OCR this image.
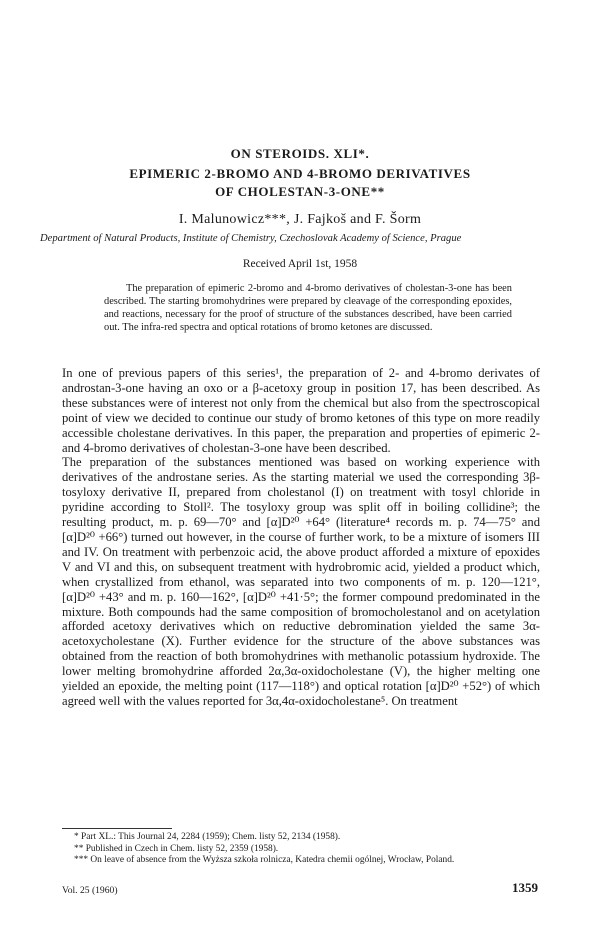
ON STEROIDS. XLI*.
EPIMERIC 2-BROMO AND 4-BROMO DERIVATIVES
OF CHOLESTAN-3-ONE**
I. Malunowicz***, J. Fajkoš and F. Šorm
Department of Natural Products, Institute of Chemistry, Czechoslovak Academy of Science, Prague
Received April 1st, 1958

The preparation of epimeric 2-bromo and 4-bromo derivatives of cholestan-3-one has been described. The starting bromohydrines were prepared by cleavage of the corresponding epoxides, and reactions, necessary for the proof of structure of the substances described, have been carried out. The infra-red spectra and optical rotations of bromo ketones are discussed.

In one of previous papers of this series¹, the preparation of 2- and 4-bromo derivates of androstan-3-one having an oxo or a β-acetoxy group in position 17, has been described. As these substances were of interest not only from the chemical but also from the spectroscopical point of view we decided to continue our study of bromo ketones of this type on more readily accessible cholestane derivatives. In this paper, the preparation and properties of epimeric 2- and 4-bromo derivatives of cholestan-3-one have been described.

The preparation of the substances mentioned was based on working experience with derivatives of the androstane series. As the starting material we used the corresponding 3β-tosyloxy derivative II, prepared from cholestanol (I) on treatment with tosyl chloride in pyridine according to Stoll². The tosyloxy group was split off in boiling collidine³; the resulting product, m. p. 69—70° and [α]D²⁰ +64° (literature⁴ records m. p. 74—75° and [α]D²⁰ +66°) turned out however, in the course of further work, to be a mixture of isomers III and IV. On treatment with perbenzoic acid, the above product afforded a mixture of epoxides V and VI and this, on subsequent treatment with hydrobromic acid, yielded a product which, when crystallized from ethanol, was separated into two components of m. p. 120—121°, [α]D²⁰ +43° and m. p. 160—162°, [α]D²⁰ +41·5°; the former compound predominated in the mixture. Both compounds had the same composition of bromocholestanol and on acetylation afforded acetoxy derivatives which on reductive debromination yielded the same 3α-acetoxycholestane (X). Further evidence for the structure of the above substances was obtained from the reaction of both bromohydrines with methanolic potassium hydroxide. The lower melting bromohydrine afforded 2α,3α-oxidocholestane (V), the higher melting one yielded an epoxide, the melting point (117—118°) and optical rotation [α]D²⁰ +52°) of which agreed well with the values reported for 3α,4α-oxidocholestane⁵. On treatment

* Part XL.: This Journal 24, 2284 (1959); Chem. listy 52, 2134 (1958).

** Published in Czech in Chem. listy 52, 2359 (1958).

*** On leave of absence from the Wyższa szkoła rolnicza, Katedra chemii ogólnej, Wrocław, Poland.

Vol. 25 (1960)	1359
